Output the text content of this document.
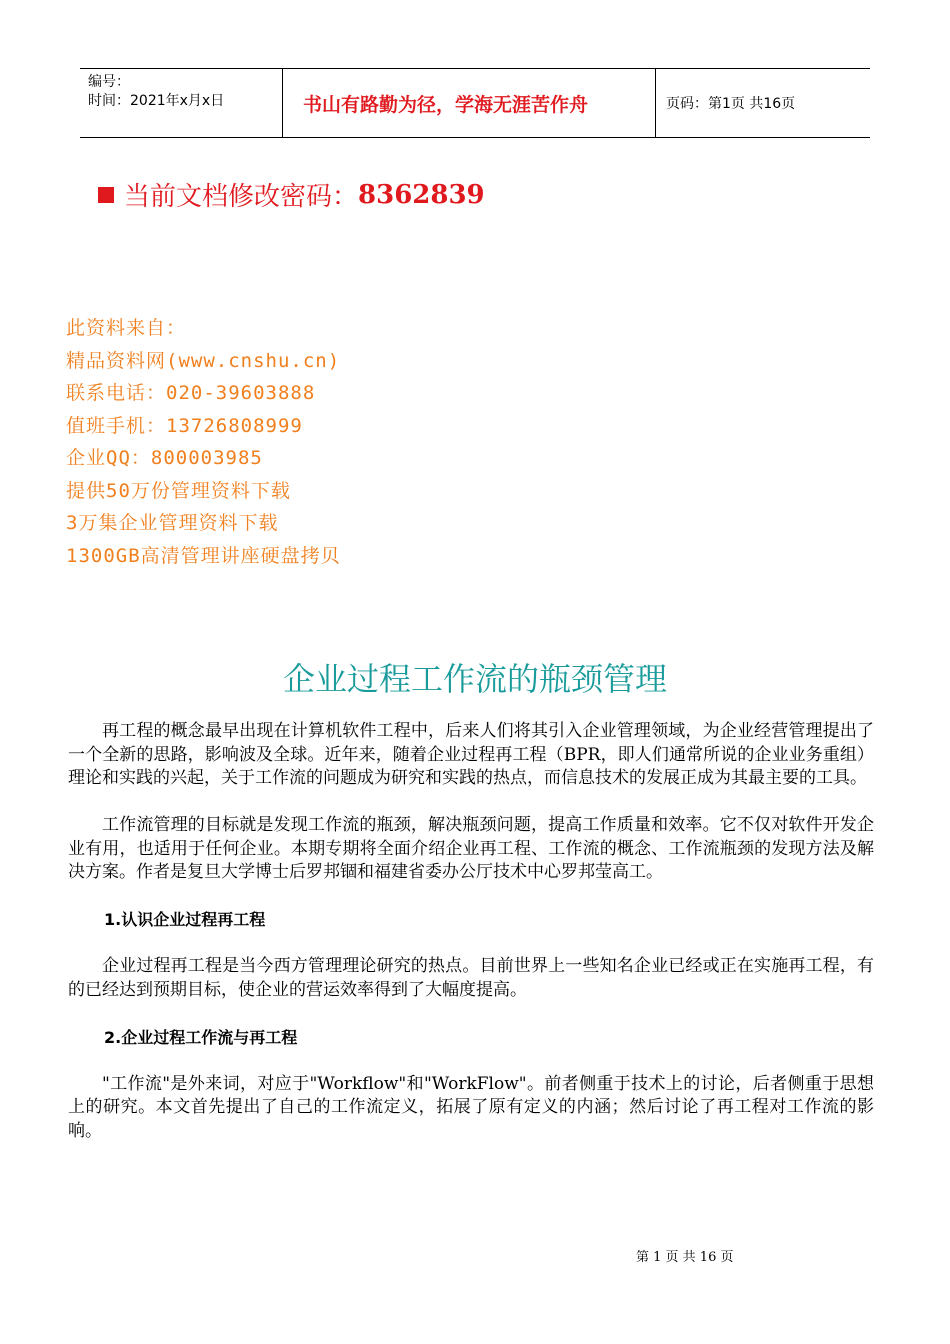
编号：
时间：2021年x月x日	书山有路勤为径，学海无涯苦作舟	页码：第1页 共16页
当前文档修改密码： 8362839
此资料来自：
精品资料网(www.cnshu.cn)
联系电话：020-39603888
值班手机：13726808999
企业QQ：800003985
提供50万份管理资料下载
3万集企业管理资料下载
1300GB高清管理讲座硬盘拷贝
企业过程工作流的瓶颈管理

再工程的概念最早出现在计算机软件工程中，后来人们将其引入企业管理领域，为企业经营管理提出了一个全新的思路，影响波及全球。近年来，随着企业过程再工程（BPR，即人们通常所说的企业业务重组）理论和实践的兴起，关于工作流的问题成为研究和实践的热点，而信息技术的发展正成为其最主要的工具。

工作流管理的目标就是发现工作流的瓶颈，解决瓶颈问题，提高工作质量和效率。它不仅对软件开发企业有用，也适用于任何企业。本期专期将全面介绍企业再工程、工作流的概念、工作流瓶颈的发现方法及解决方案。作者是复旦大学博士后罗邦锢和福建省委办公厅技术中心罗邦莹高工。

1.认识企业过程再工程

企业过程再工程是当今西方管理理论研究的热点。目前世界上一些知名企业已经或正在实施再工程，有的已经达到预期目标，使企业的营运效率得到了大幅度提高。

2.企业过程工作流与再工程

"工作流"是外来词，对应于"Workflow"和"WorkFlow"。前者侧重于技术上的讨论，后者侧重于思想上的研究。本文首先提出了自己的工作流定义，拓展了原有定义的内涵；然后讨论了再工程对工作流的影响。

第 1 页 共 16 页
